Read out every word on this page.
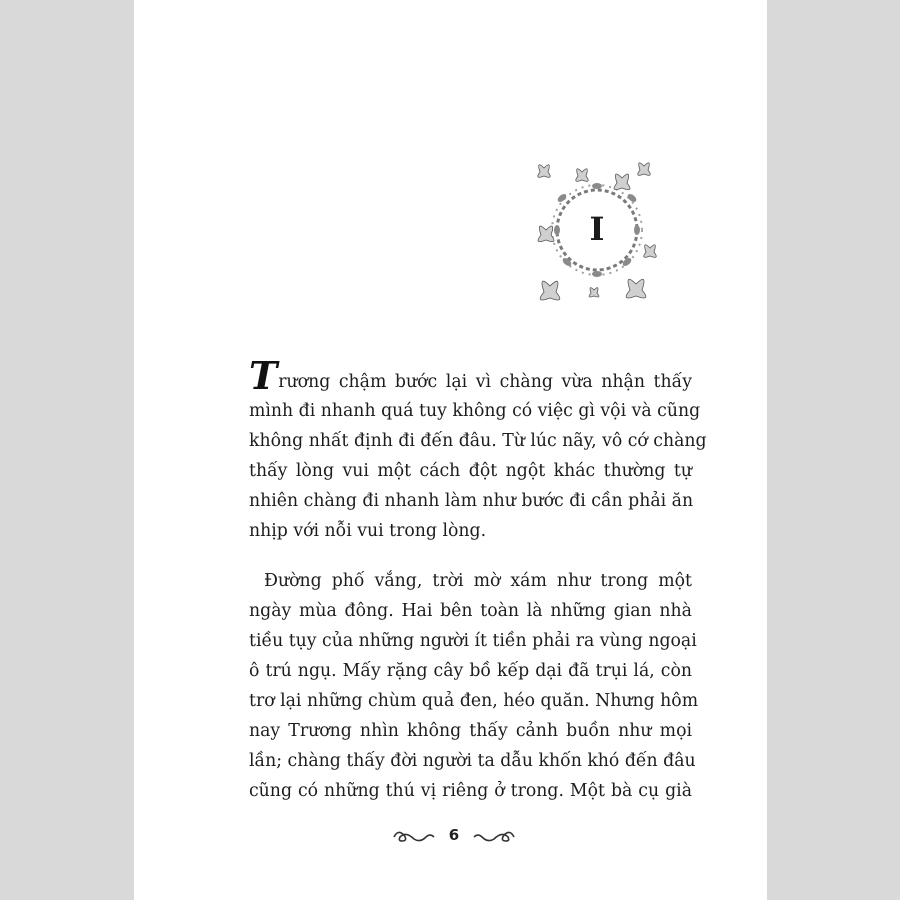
I
Trương chậm bước lại vì chàng vừa nhận thấy
mình đi nhanh quá tuy không có việc gì vội và cũng
không nhất định đi đến đâu. Từ lúc nãy, vô cớ chàng
thấy lòng vui một cách đột ngột khác thường tự
nhiên chàng đi nhanh làm như bước đi cần phải ăn
nhịp với nỗi vui trong lòng.
Đường phố vắng, trời mờ xám như trong một
ngày mùa đông. Hai bên toàn là những gian nhà
tiều tụy của những người ít tiền phải ra vùng ngoại
ô trú ngụ. Mấy rặng cây bồ kếp dại đã trụi lá, còn
trơ lại những chùm quả đen, héo quăn. Nhưng hôm
nay Trương nhìn không thấy cảnh buồn như mọi
lần; chàng thấy đời người ta dẫu khốn khó đến đâu
cũng có những thú vị riêng ở trong. Một bà cụ già
6
